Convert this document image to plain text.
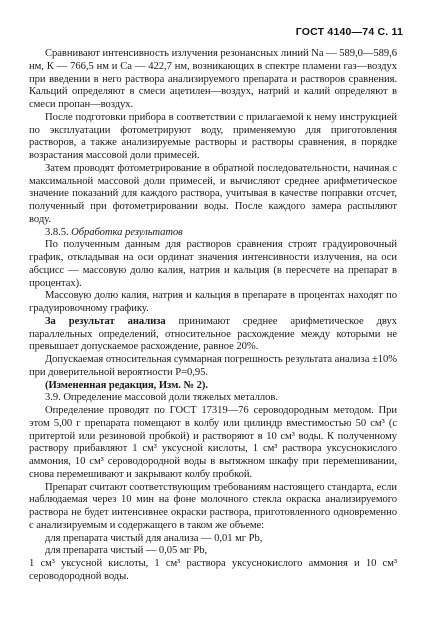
ГОСТ 4140—74 С. 11

Сравнивают интенсивность излучения резонансных линий Na — 589,0—589,6 нм, К — 766,5 нм и Са — 422,7 нм, возникающих в спектре пламени газ—воздух при введении в него раствора анализируемого препарата и растворов сравнения. Кальций определяют в смеси ацетилен—воздух, натрий и калий определяют в смеси пропан—воздух.

После подготовки прибора в соответствии с прилагаемой к нему инструкцией по эксплуатации фотометрируют воду, применяемую для приготовления растворов, а также анализируемые растворы и растворы сравнения, в порядке возрастания массовой доли примесей.

Затем проводят фотометрирование в обратной последовательности, начиная с максимальной массовой доли примесей, и вычисляют среднее арифметическое значение показаний для каждого раствора, учитывая в качестве поправки отсчет, полученный при фотометрировании воды. После каждого замера распыляют воду.

3.8.5. Обработка результатов

По полученным данным для растворов сравнения строят градуировочный график, откладывая на оси ординат значения интенсивности излучения, на оси абсцисс — массовую долю калия, натрия и кальция (в пересчете на препарат в процентах).

Массовую долю калия, натрия и кальция в препарате в процентах находят по градуировочному графику.

За результат анализа принимают среднее арифметическое двух параллельных определений, относительное расхождение между которыми не превышает допускаемое расхождение, равное 20%.

Допускаемая относительная суммарная погрешность результата анализа ±10% при доверительной вероятности Р=0,95.

(Измененная редакция, Изм. № 2).

3.9. Определение массовой доли тяжелых металлов.

Определение проводят по ГОСТ 17319—76 сероводородным методом. При этом 5,00 г препарата помещают в колбу или цилиндр вместимостью 50 см³ (с притертой или резиновой пробкой) и растворяют в 10 см³ воды. К полученному раствору прибавляют 1 см³ уксусной кислоты, 1 см³ раствора уксуснокислого аммония, 10 см³ сероводородной воды в вытяжном шкафу при перемешивании, снова перемешивают и закрывают колбу пробкой.

Препарат считают соответствующим требованиям настоящего стандарта, если наблюдаемая через 10 мин на фоне молочного стекла окраска анализируемого раствора не будет интенсивнее окраски раствора, приготовленного одновременно с анализируемым и содержащего в таком же объеме:

для препарата чистый для анализа — 0,01 мг Pb,

для препарата чистый — 0,05 мг Pb,

1 см³ уксусной кислоты, 1 см³ раствора уксуснокислого аммония и 10 см³ сероводородной воды.
